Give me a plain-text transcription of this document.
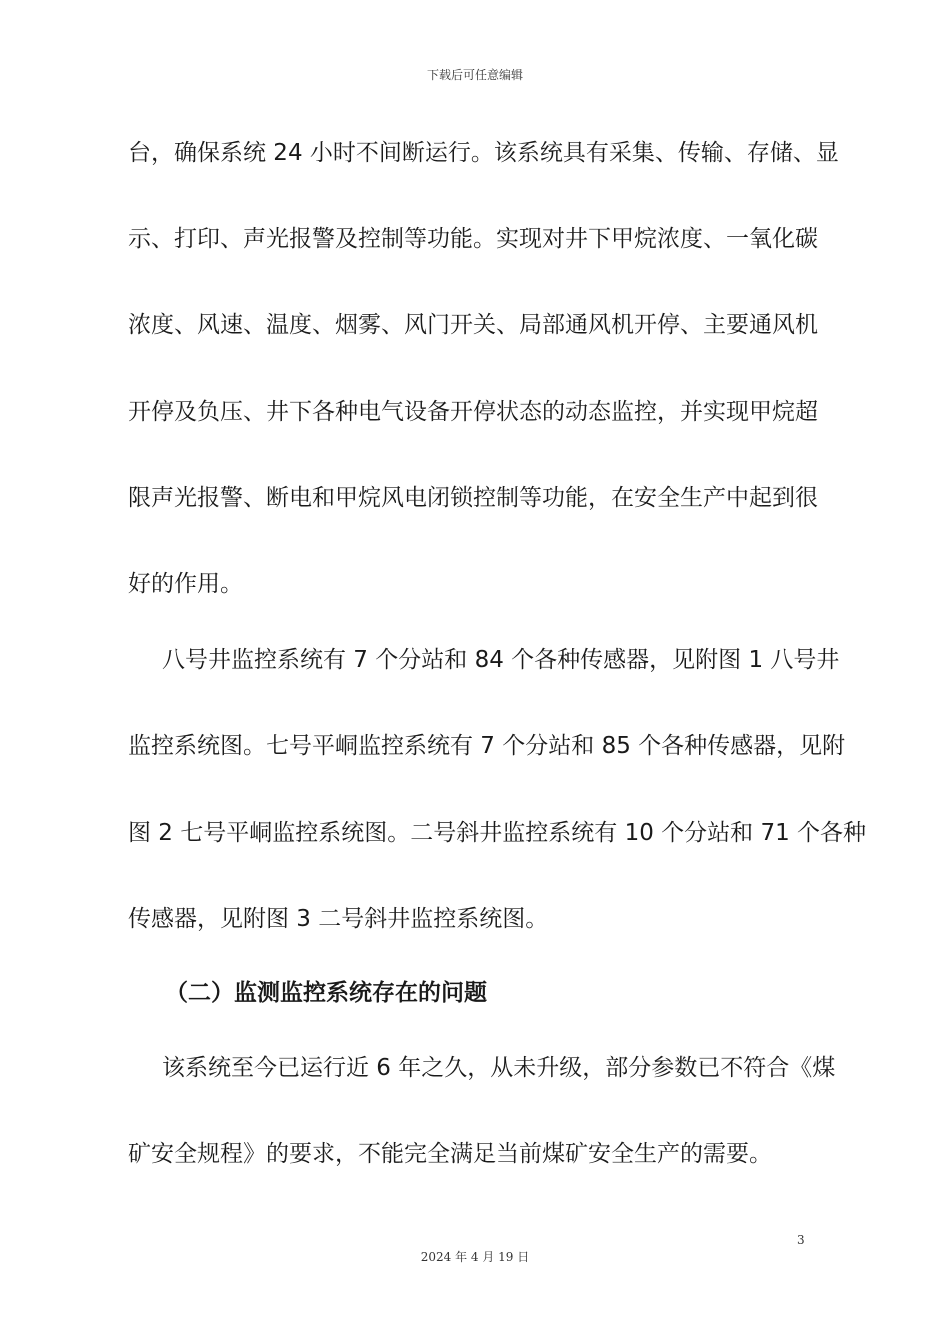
下载后可任意编辑
台，确保系统 24 小时不间断运行。该系统具有采集、传输、存储、显
示、打印、声光报警及控制等功能。实现对井下甲烷浓度、一氧化碳
浓度、风速、温度、烟雾、风门开关、局部通风机开停、主要通风机
开停及负压、井下各种电气设备开停状态的动态监控，并实现甲烷超
限声光报警、断电和甲烷风电闭锁控制等功能，在安全生产中起到很
好的作用。
八号井监控系统有 7 个分站和 84 个各种传感器，见附图 1 八号井
监控系统图。七号平峒监控系统有 7 个分站和 85 个各种传感器，见附
图 2 七号平峒监控系统图。二号斜井监控系统有 10 个分站和 71 个各种
传感器，见附图 3 二号斜井监控系统图。
（二）监测监控系统存在的问题
该系统至今已运行近 6 年之久，从未升级，部分参数已不符合《煤
矿安全规程》的要求，不能完全满足当前煤矿安全生产的需要。
3
2024 年 4 月 19 日
